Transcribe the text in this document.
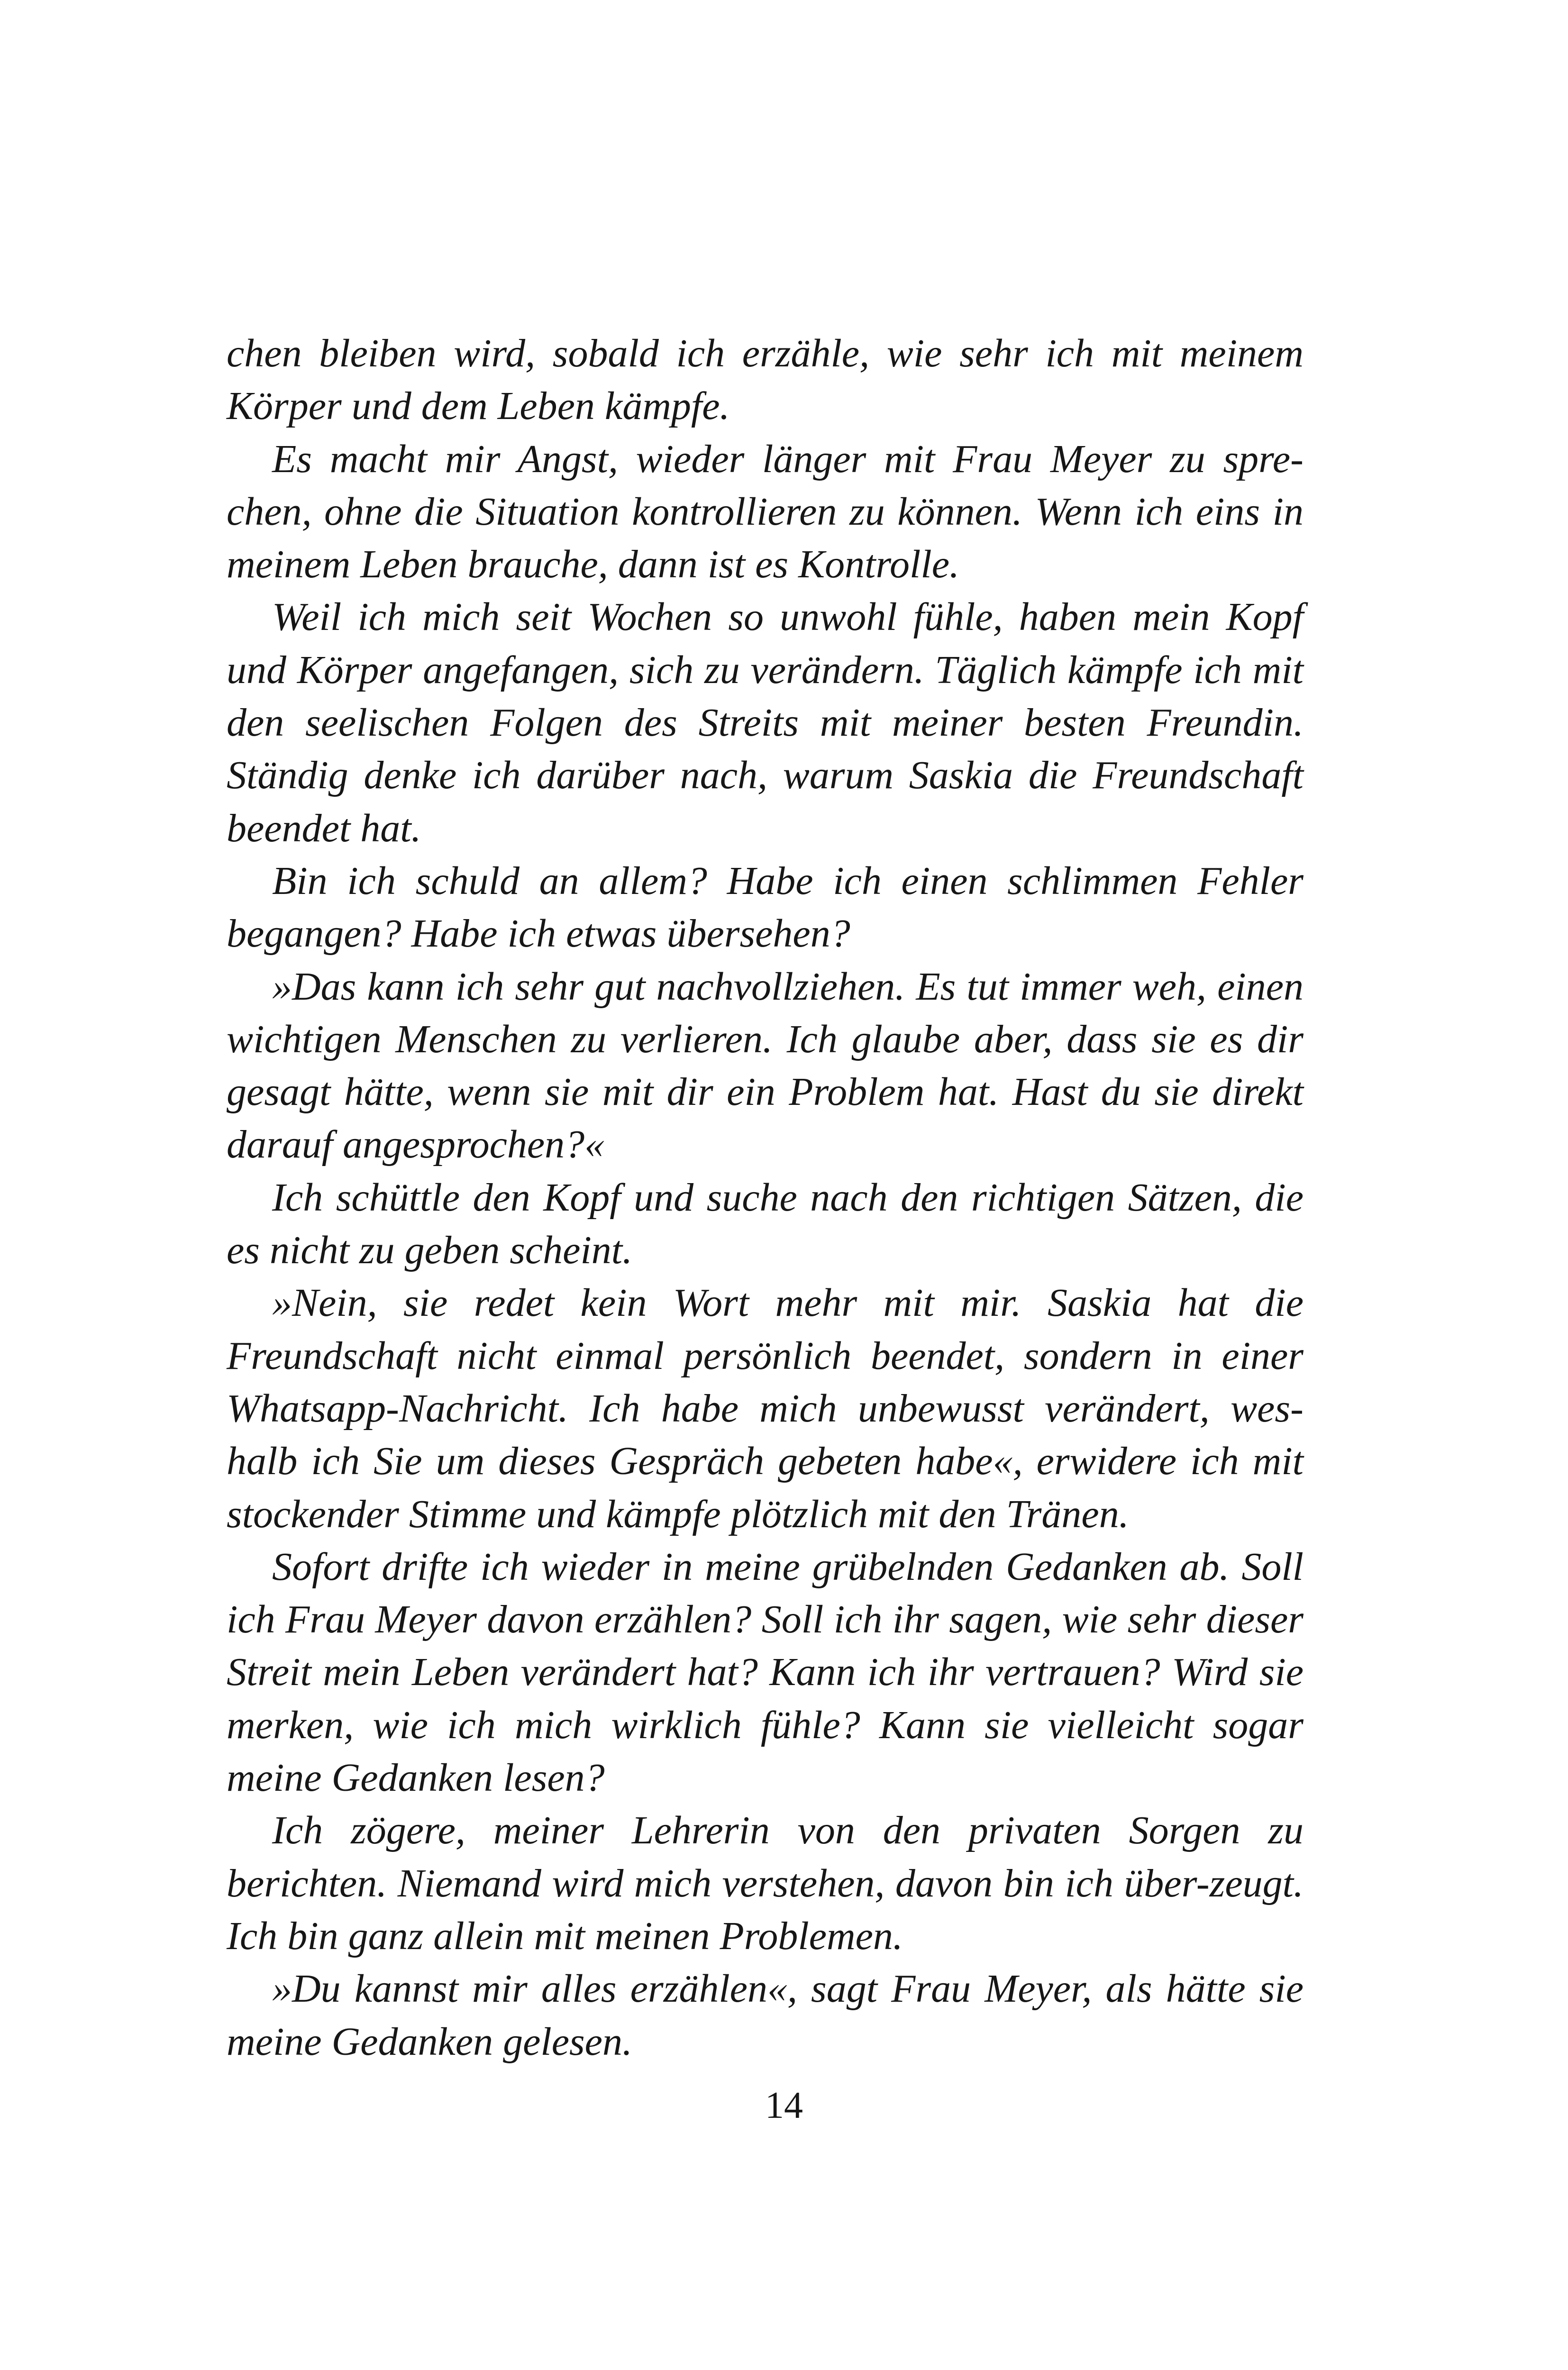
chen bleiben wird, sobald ich erzähle, wie sehr ich mit meinem Körper und dem Leben kämpfe.

Es macht mir Angst, wieder länger mit Frau Meyer zu spre-chen, ohne die Situation kontrollieren zu können. Wenn ich eins in meinem Leben brauche, dann ist es Kontrolle.

Weil ich mich seit Wochen so unwohl fühle, haben mein Kopf und Körper angefangen, sich zu verändern. Täglich kämpfe ich mit den seelischen Folgen des Streits mit meiner besten Freundin. Ständig denke ich darüber nach, warum Saskia die Freundschaft beendet hat.

Bin ich schuld an allem? Habe ich einen schlimmen Fehler begangen? Habe ich etwas übersehen?

»Das kann ich sehr gut nachvollziehen. Es tut immer weh, einen wichtigen Menschen zu verlieren. Ich glaube aber, dass sie es dir gesagt hätte, wenn sie mit dir ein Problem hat. Hast du sie direkt darauf angesprochen?«

Ich schüttle den Kopf und suche nach den richtigen Sätzen, die es nicht zu geben scheint.

»Nein, sie redet kein Wort mehr mit mir. Saskia hat die Freundschaft nicht einmal persönlich beendet, sondern in einer Whatsapp-Nachricht. Ich habe mich unbewusst verändert, wes-halb ich Sie um dieses Gespräch gebeten habe«, erwidere ich mit stockender Stimme und kämpfe plötzlich mit den Tränen.

Sofort drifte ich wieder in meine grübelnden Gedanken ab. Soll ich Frau Meyer davon erzählen? Soll ich ihr sagen, wie sehr dieser Streit mein Leben verändert hat? Kann ich ihr vertrauen? Wird sie merken, wie ich mich wirklich fühle? Kann sie vielleicht sogar meine Gedanken lesen?

Ich zögere, meiner Lehrerin von den privaten Sorgen zu berichten. Niemand wird mich verstehen, davon bin ich über-zeugt. Ich bin ganz allein mit meinen Problemen.

»Du kannst mir alles erzählen«, sagt Frau Meyer, als hätte sie meine Gedanken gelesen.

14
